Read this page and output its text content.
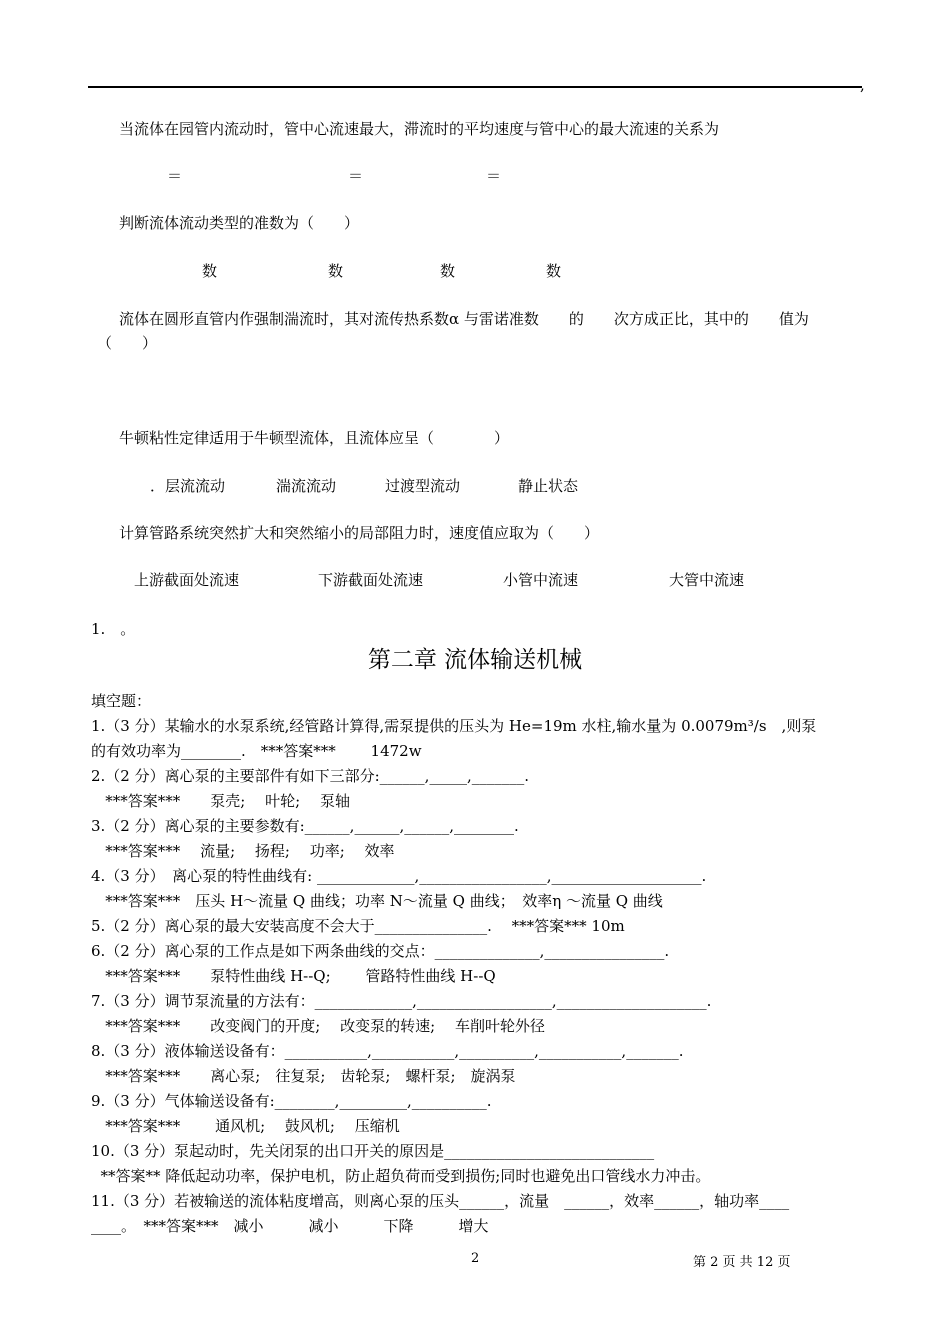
,
当流体在园管内流动时，管中心流速最大，滞流时的平均速度与管中心的最大流速的关系为
＝	＝	＝
判断流体流动类型的准数为（　　）
数	数	数	数
流体在圆形直管内作强制湍流时，其对流传热系数α 与雷诺准数　　的　　次方成正比，其中的　　值为
（　　）
牛顿粘性定律适用于牛顿型流体，且流体应呈（　　　　）
．层流流动	湍流流动	过渡型流动	静止状态
计算管路系统突然扩大和突然缩小的局部阻力时，速度值应取为（　　）
上游截面处流速	下游截面处流速	小管中流速	大管中流速
1.　。
第二章 流体输送机械
填空题：
1.（3 分）某输水的水泵系统,经管路计算得,需泵提供的压头为 He=19m 水柱,输水量为 0.0079m³/s　,则泵
的有效功率为________.　***答案***　　 1472w
2.（2 分）离心泵的主要部件有如下三部分:______,_____,_______.
***答案***　　泵壳;　 叶轮;　 泵轴
3.（2 分）离心泵的主要参数有:______,______,______,________.
***答案***　 流量;　 扬程;　 功率;　 效率
4.（3 分）　离心泵的特性曲线有: _____________,_________________,____________________.
***答案***　压头 H～流量 Q 曲线；功率 N～流量 Q 曲线；　效率η ～流量 Q 曲线
5.（2 分）离心泵的最大安装高度不会大于_______________.　 ***答案*** 10m
6.（2 分）离心泵的工作点是如下两条曲线的交点：______________,________________.
***答案***　　泵特性曲线 H--Q;　　 管路特性曲线 H--Q
7.（3 分）调节泵流量的方法有：_____________,__________________,____________________.
***答案***　　改变阀门的开度;　 改变泵的转速;　 车削叶轮外径
8.（3 分）液体输送设备有：___________,___________,__________,___________,_______.
***答案***　　离心泵;　往复泵;　齿轮泵;　螺杆泵;　旋涡泵
9.（3 分）气体输送设备有:________,_________,__________.
***答案***　　 通风机;　 鼓风机;　 压缩机
10.（3 分）泵起动时，先关闭泵的出口开关的原因是____________________________
**答案** 降低起动功率，保护电机，防止超负荷而受到损伤;同时也避免出口管线水力冲击。
11.（3 分）若被输送的流体粘度增高，则离心泵的压头______，流量　______，效率______，轴功率____
____。　***答案***　减小　　　减小　　　下降　　　增大
2	第 2 页 共 12 页
